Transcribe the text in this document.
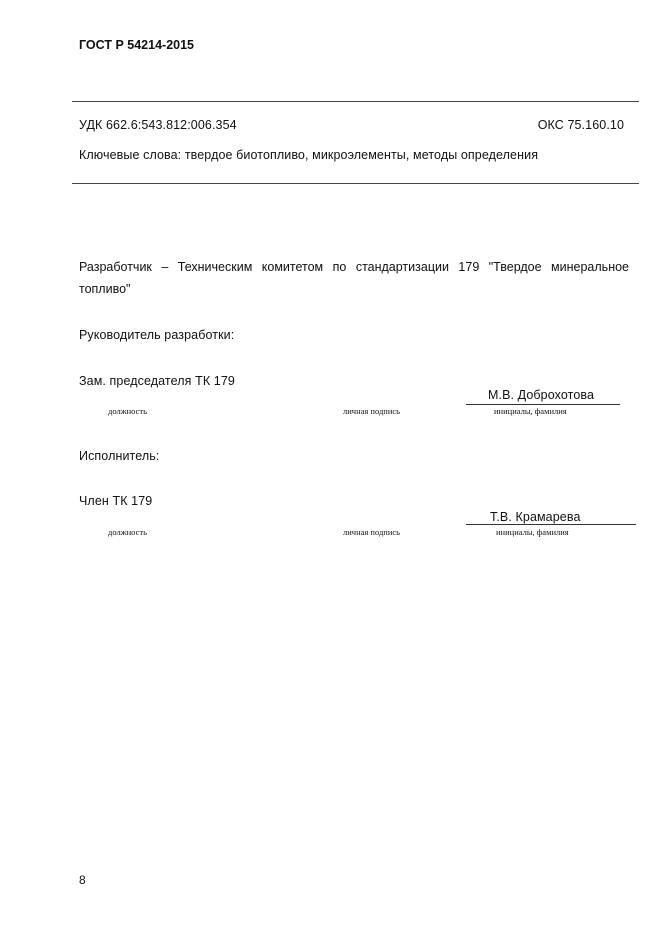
ГОСТ Р 54214-2015
УДК 662.6:543.812:006.354	ОКС 75.160.10
Ключевые слова: твердое биотопливо, микроэлементы, методы определения
Разработчик – Техническим комитетом по стандартизации 179 "Твердое минеральное топливо"
Руководитель разработки:
Зам. председателя ТК 179
М.В. Доброхотова
должность	личная подпись	инициалы, фамилия
Исполнитель:
Член ТК 179
Т.В. Крамарева
должность	личная подпись	инициалы, фамилия
8
